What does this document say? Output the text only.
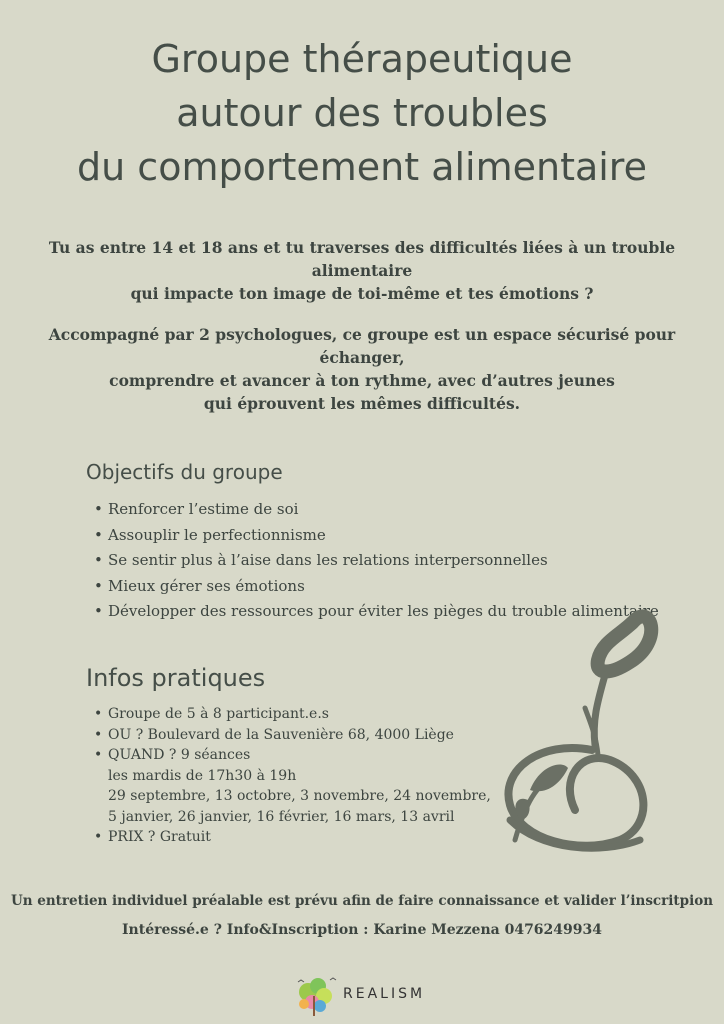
Groupe thérapeutique
autour des troubles
du comportement alimentaire
Tu as entre 14 et 18 ans et tu traverses des difficultés liées à un trouble alimentaire
qui impacte ton image de toi-même et tes émotions ?
Accompagné par 2 psychologues, ce groupe est un espace sécurisé pour échanger,
comprendre et avancer à ton rythme, avec d’autres jeunes
qui éprouvent les mêmes difficultés.
Objectifs du groupe
• Renforcer l’estime de soi
• Assouplir le perfectionnisme
• Se sentir plus à l’aise dans les relations interpersonnelles
• Mieux gérer ses émotions
• Développer des ressources pour éviter les pièges du trouble alimentaire
Infos pratiques
• Groupe de 5 à 8 participant.e.s
• OU ? Boulevard de la Sauvenière 68, 4000 Liège
• QUAND ? 9 séances
les mardis de 17h30 à 19h
29 septembre, 13 octobre, 3 novembre, 24 novembre,
5 janvier, 26 janvier, 16 février, 16 mars, 13 avril
• PRIX ? Gratuit
Un entretien individuel préalable est prévu afin de faire connaissance et valider l’inscritpion
Intéressé.e ? Info&Inscription : Karine Mezzena 0476249934
REALISM
